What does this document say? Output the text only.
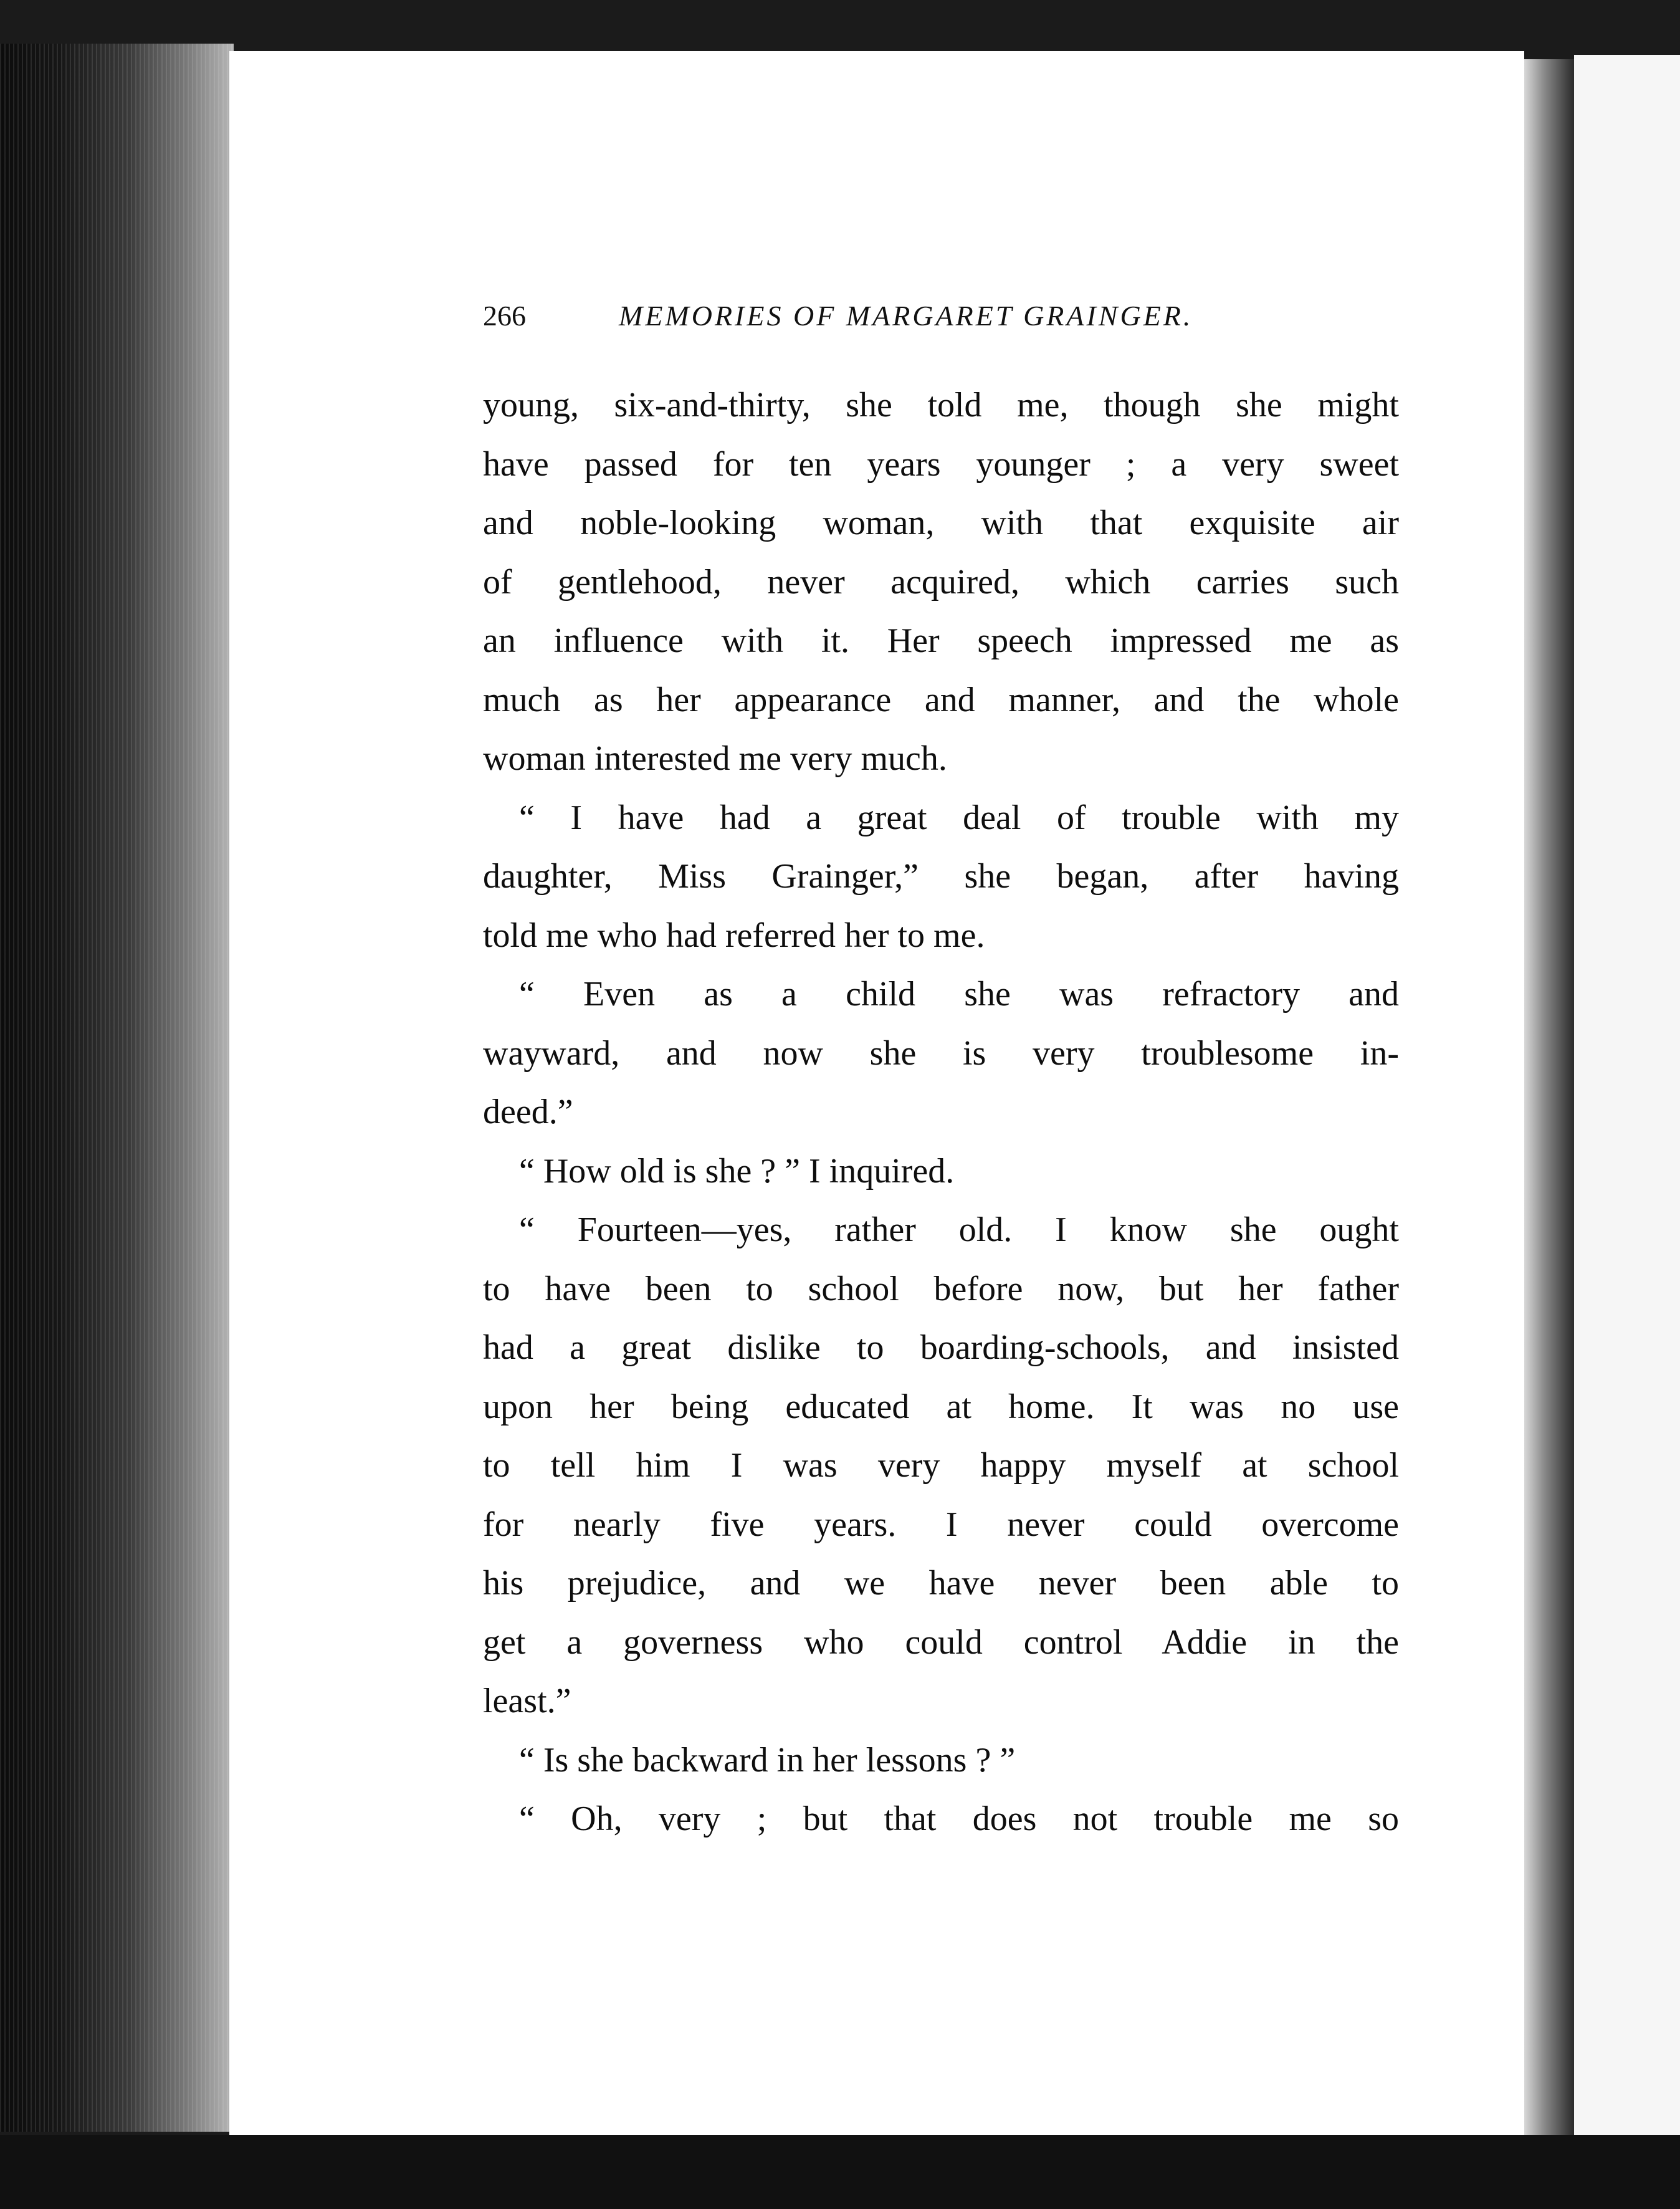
266	MEMORIES OF MARGARET GRAINGER.
young, six-and-thirty, she told me, though she might
have passed for ten years younger ; a very sweet
and noble-looking woman, with that exquisite air
of gentlehood, never acquired, which carries such
an influence with it. Her speech impressed me as
much as her appearance and manner, and the whole
woman interested me very much.
“ I have had a great deal of trouble with my
daughter, Miss Grainger,” she began, after having
told me who had referred her to me.
“ Even as a child she was refractory and
wayward, and now she is very troublesome in-
deed.”
“ How old is she ? ” I inquired.
“ Fourteen—yes, rather old. I know she ought
to have been to school before now, but her father
had a great dislike to boarding-schools, and insisted
upon her being educated at home. It was no use
to tell him I was very happy myself at school
for nearly five years. I never could overcome
his prejudice, and we have never been able to
get a governess who could control Addie in the
least.”
“ Is she backward in her lessons ? ”
“ Oh, very ; but that does not trouble me so
